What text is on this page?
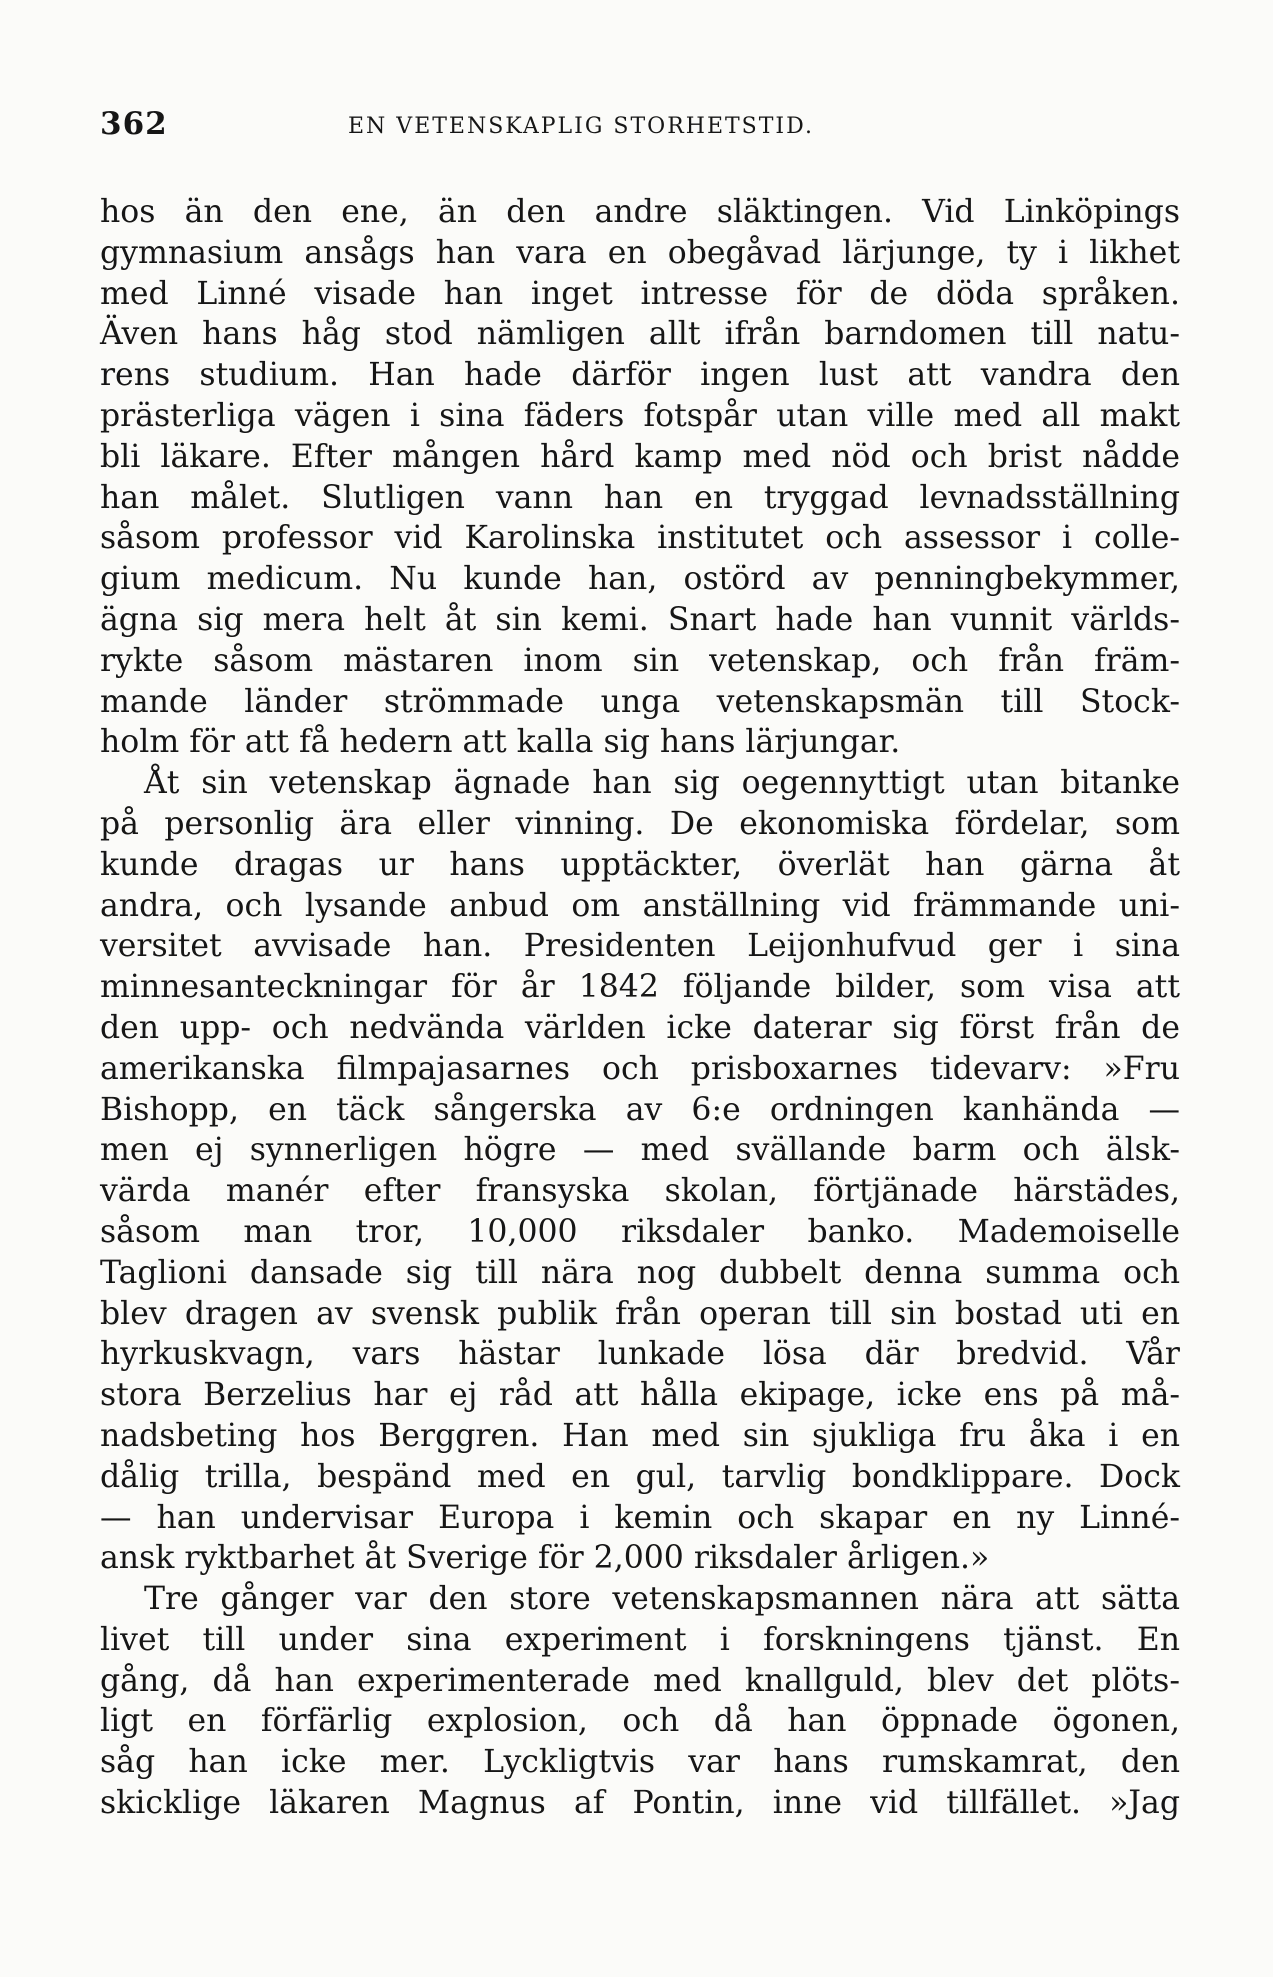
362	EN VETENSKAPLIG STORHETSTID.
hos än den ene, än den andre släktingen. Vid Linköpings
gymnasium ansågs han vara en obegåvad lärjunge, ty i likhet
med Linné visade han inget intresse för de döda språken.
Även hans håg stod nämligen allt ifrån barndomen till natu-
rens studium. Han hade därför ingen lust att vandra den
prästerliga vägen i sina fäders fotspår utan ville med all makt
bli läkare. Efter mången hård kamp med nöd och brist nådde
han målet. Slutligen vann han en tryggad levnadsställning
såsom professor vid Karolinska institutet och assessor i colle-
gium medicum. Nu kunde han, ostörd av penningbekymmer,
ägna sig mera helt åt sin kemi. Snart hade han vunnit världs-
rykte såsom mästaren inom sin vetenskap, och från främ-
mande länder strömmade unga vetenskapsmän till Stock-
holm för att få hedern att kalla sig hans lärjungar.
Åt sin vetenskap ägnade han sig oegennyttigt utan bitanke
på personlig ära eller vinning. De ekonomiska fördelar, som
kunde dragas ur hans upptäckter, överlät han gärna åt
andra, och lysande anbud om anställning vid främmande uni-
versitet avvisade han. Presidenten Leijonhufvud ger i sina
minnesanteckningar för år 1842 följande bilder, som visa att
den upp- och nedvända världen icke daterar sig först från de
amerikanska filmpajasarnes och prisboxarnes tidevarv: »Fru
Bishopp, en täck sångerska av 6:e ordningen kanhända —
men ej synnerligen högre — med svällande barm och älsk-
värda manér efter fransyska skolan, förtjänade härstädes,
såsom man tror, 10,000 riksdaler banko. Mademoiselle
Taglioni dansade sig till nära nog dubbelt denna summa och
blev dragen av svensk publik från operan till sin bostad uti en
hyrkuskvagn, vars hästar lunkade lösa där bredvid. Vår
stora Berzelius har ej råd att hålla ekipage, icke ens på må-
nadsbeting hos Berggren. Han med sin sjukliga fru åka i en
dålig trilla, bespänd med en gul, tarvlig bondklippare. Dock
— han undervisar Europa i kemin och skapar en ny Linné-
ansk ryktbarhet åt Sverige för 2,000 riksdaler årligen.»
Tre gånger var den store vetenskapsmannen nära att sätta
livet till under sina experiment i forskningens tjänst. En
gång, då han experimenterade med knallguld, blev det plöts-
ligt en förfärlig explosion, och då han öppnade ögonen,
såg han icke mer. Lyckligtvis var hans rumskamrat, den
skicklige läkaren Magnus af Pontin, inne vid tillfället. »Jag
